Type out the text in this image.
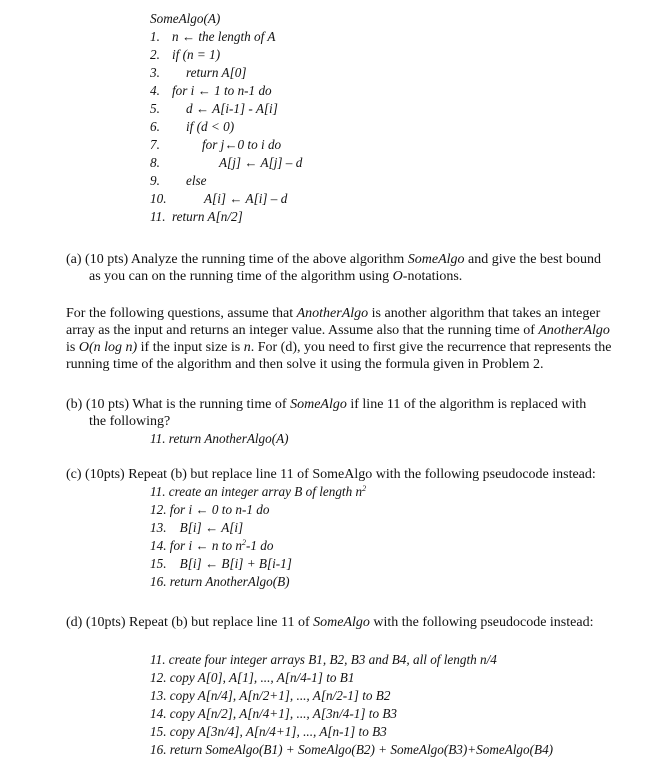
SomeAlgo(A)
1. n ← the length of A
2. if (n = 1)
3. return A[0]
4. for i ← 1 to n-1 do
5. d ← A[i-1] - A[i]
6. if (d < 0)
7.	for j←0 to i do
8.	A[j] ← A[j] – d
9. else
10.	A[i] ← A[i] – d
11. return A[n/2]
(a) (10 pts) Analyze the running time of the above algorithm SomeAlgo and give the best bound
as you can on the running time of the algorithm using O-notations.
For the following questions, assume that AnotherAlgo is another algorithm that takes an integer
array as the input and returns an integer value. Assume also that the running time of AnotherAlgo
is O(n log n) if the input size is n. For (d), you need to first give the recurrence that represents the
running time of the algorithm and then solve it using the formula given in Problem 2.
(b) (10 pts) What is the running time of SomeAlgo if line 11 of the algorithm is replaced with
the following?
11. return AnotherAlgo(A)
(c) (10pts) Repeat (b) but replace line 11 of SomeAlgo with the following pseudocode instead:
11. create an integer array B of length $n^2$
12. for i ← 0 to n-1 do
13.    B[i] ← A[i]
14. for i ← n to $n^2-1$ do
15.    B[i] ← B[i] + B[i-1]
16. return AnotherAlgo(B)
(d) (10pts) Repeat (b) but replace line 11 of SomeAlgo with the following pseudocode instead:
11. create four integer arrays B1, B2, B3 and B4, all of length n/4
12. copy A[0], A[1], ..., A[n/4-1] to B1
13. copy A[n/4], A[n/2+1], ..., A[n/2-1] to B2
14. copy A[n/2], A[n/4+1], ..., A[3n/4-1] to B3
15. copy A[3n/4], A[n/4+1], ..., A[n-1] to B3
16. return SomeAlgo(B1) + SomeAlgo(B2) + SomeAlgo(B3)+SomeAlgo(B4)
